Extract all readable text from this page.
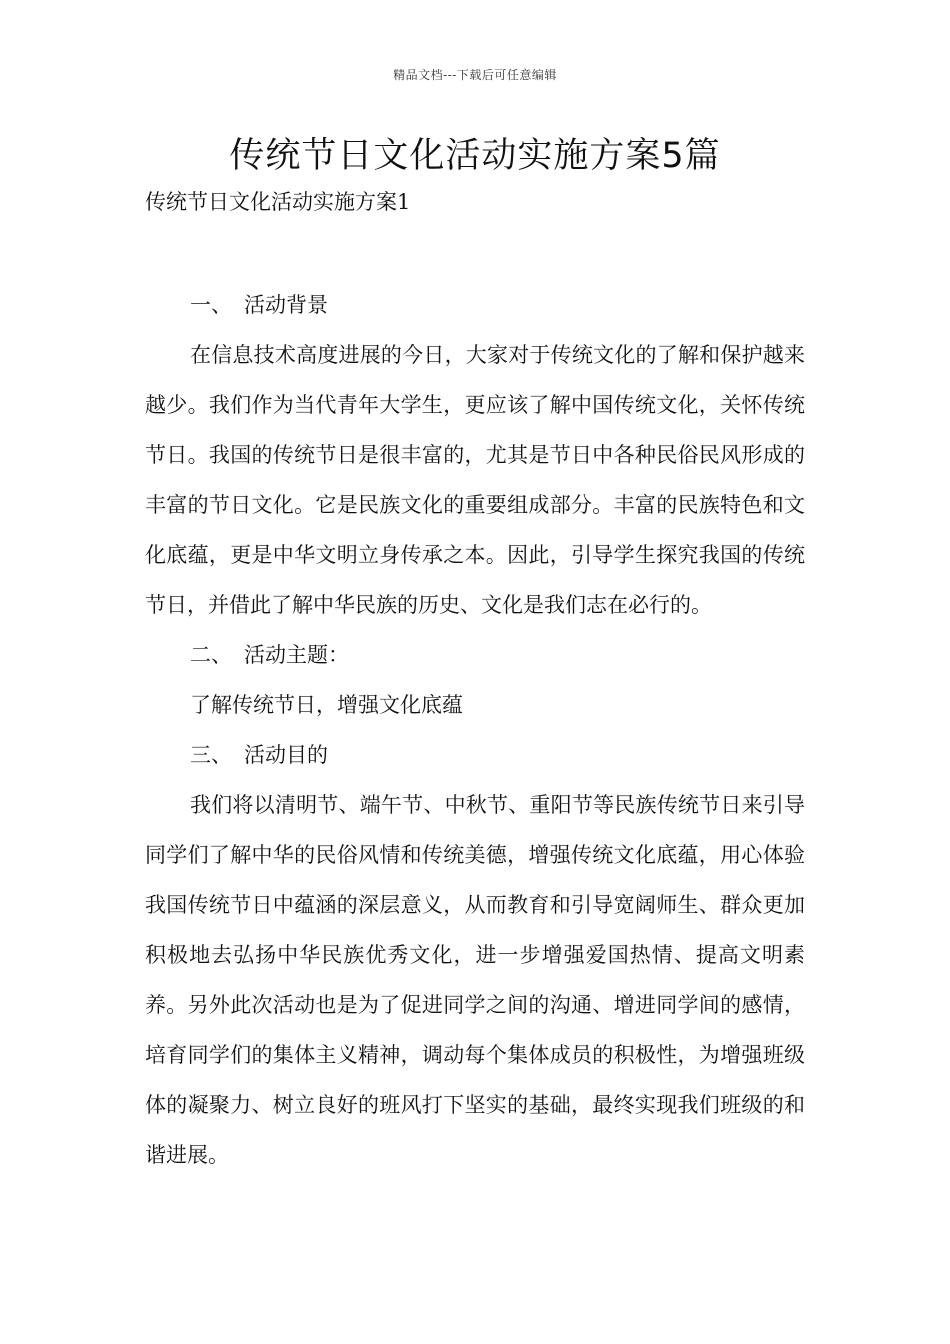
精品文档---下载后可任意编辑
传统节日文化活动实施方案5篇
传统节日文化活动实施方案1

一、 活动背景

在信息技术高度进展的今日，大家对于传统文化的了解和保护越来越少。我们作为当代青年大学生，更应该了解中国传统文化，关怀传统节日。我国的传统节日是很丰富的，尤其是节日中各种民俗民风形成的丰富的节日文化。它是民族文化的重要组成部分。丰富的民族特色和文化底蕴，更是中华文明立身传承之本。因此，引导学生探究我国的传统节日，并借此了解中华民族的历史、文化是我们志在必行的。

二、 活动主题：

了解传统节日，增强文化底蕴

三、 活动目的

我们将以清明节、端午节、中秋节、重阳节等民族传统节日来引导同学们了解中华的民俗风情和传统美德，增强传统文化底蕴，用心体验我国传统节日中蕴涵的深层意义，从而教育和引导宽阔师生、群众更加积极地去弘扬中华民族优秀文化，进一步增强爱国热情、提高文明素养。另外此次活动也是为了促进同学之间的沟通、增进同学间的感情，培育同学们的集体主义精神，调动每个集体成员的积极性，为增强班级体的凝聚力、树立良好的班风打下坚实的基础，最终实现我们班级的和谐进展。
